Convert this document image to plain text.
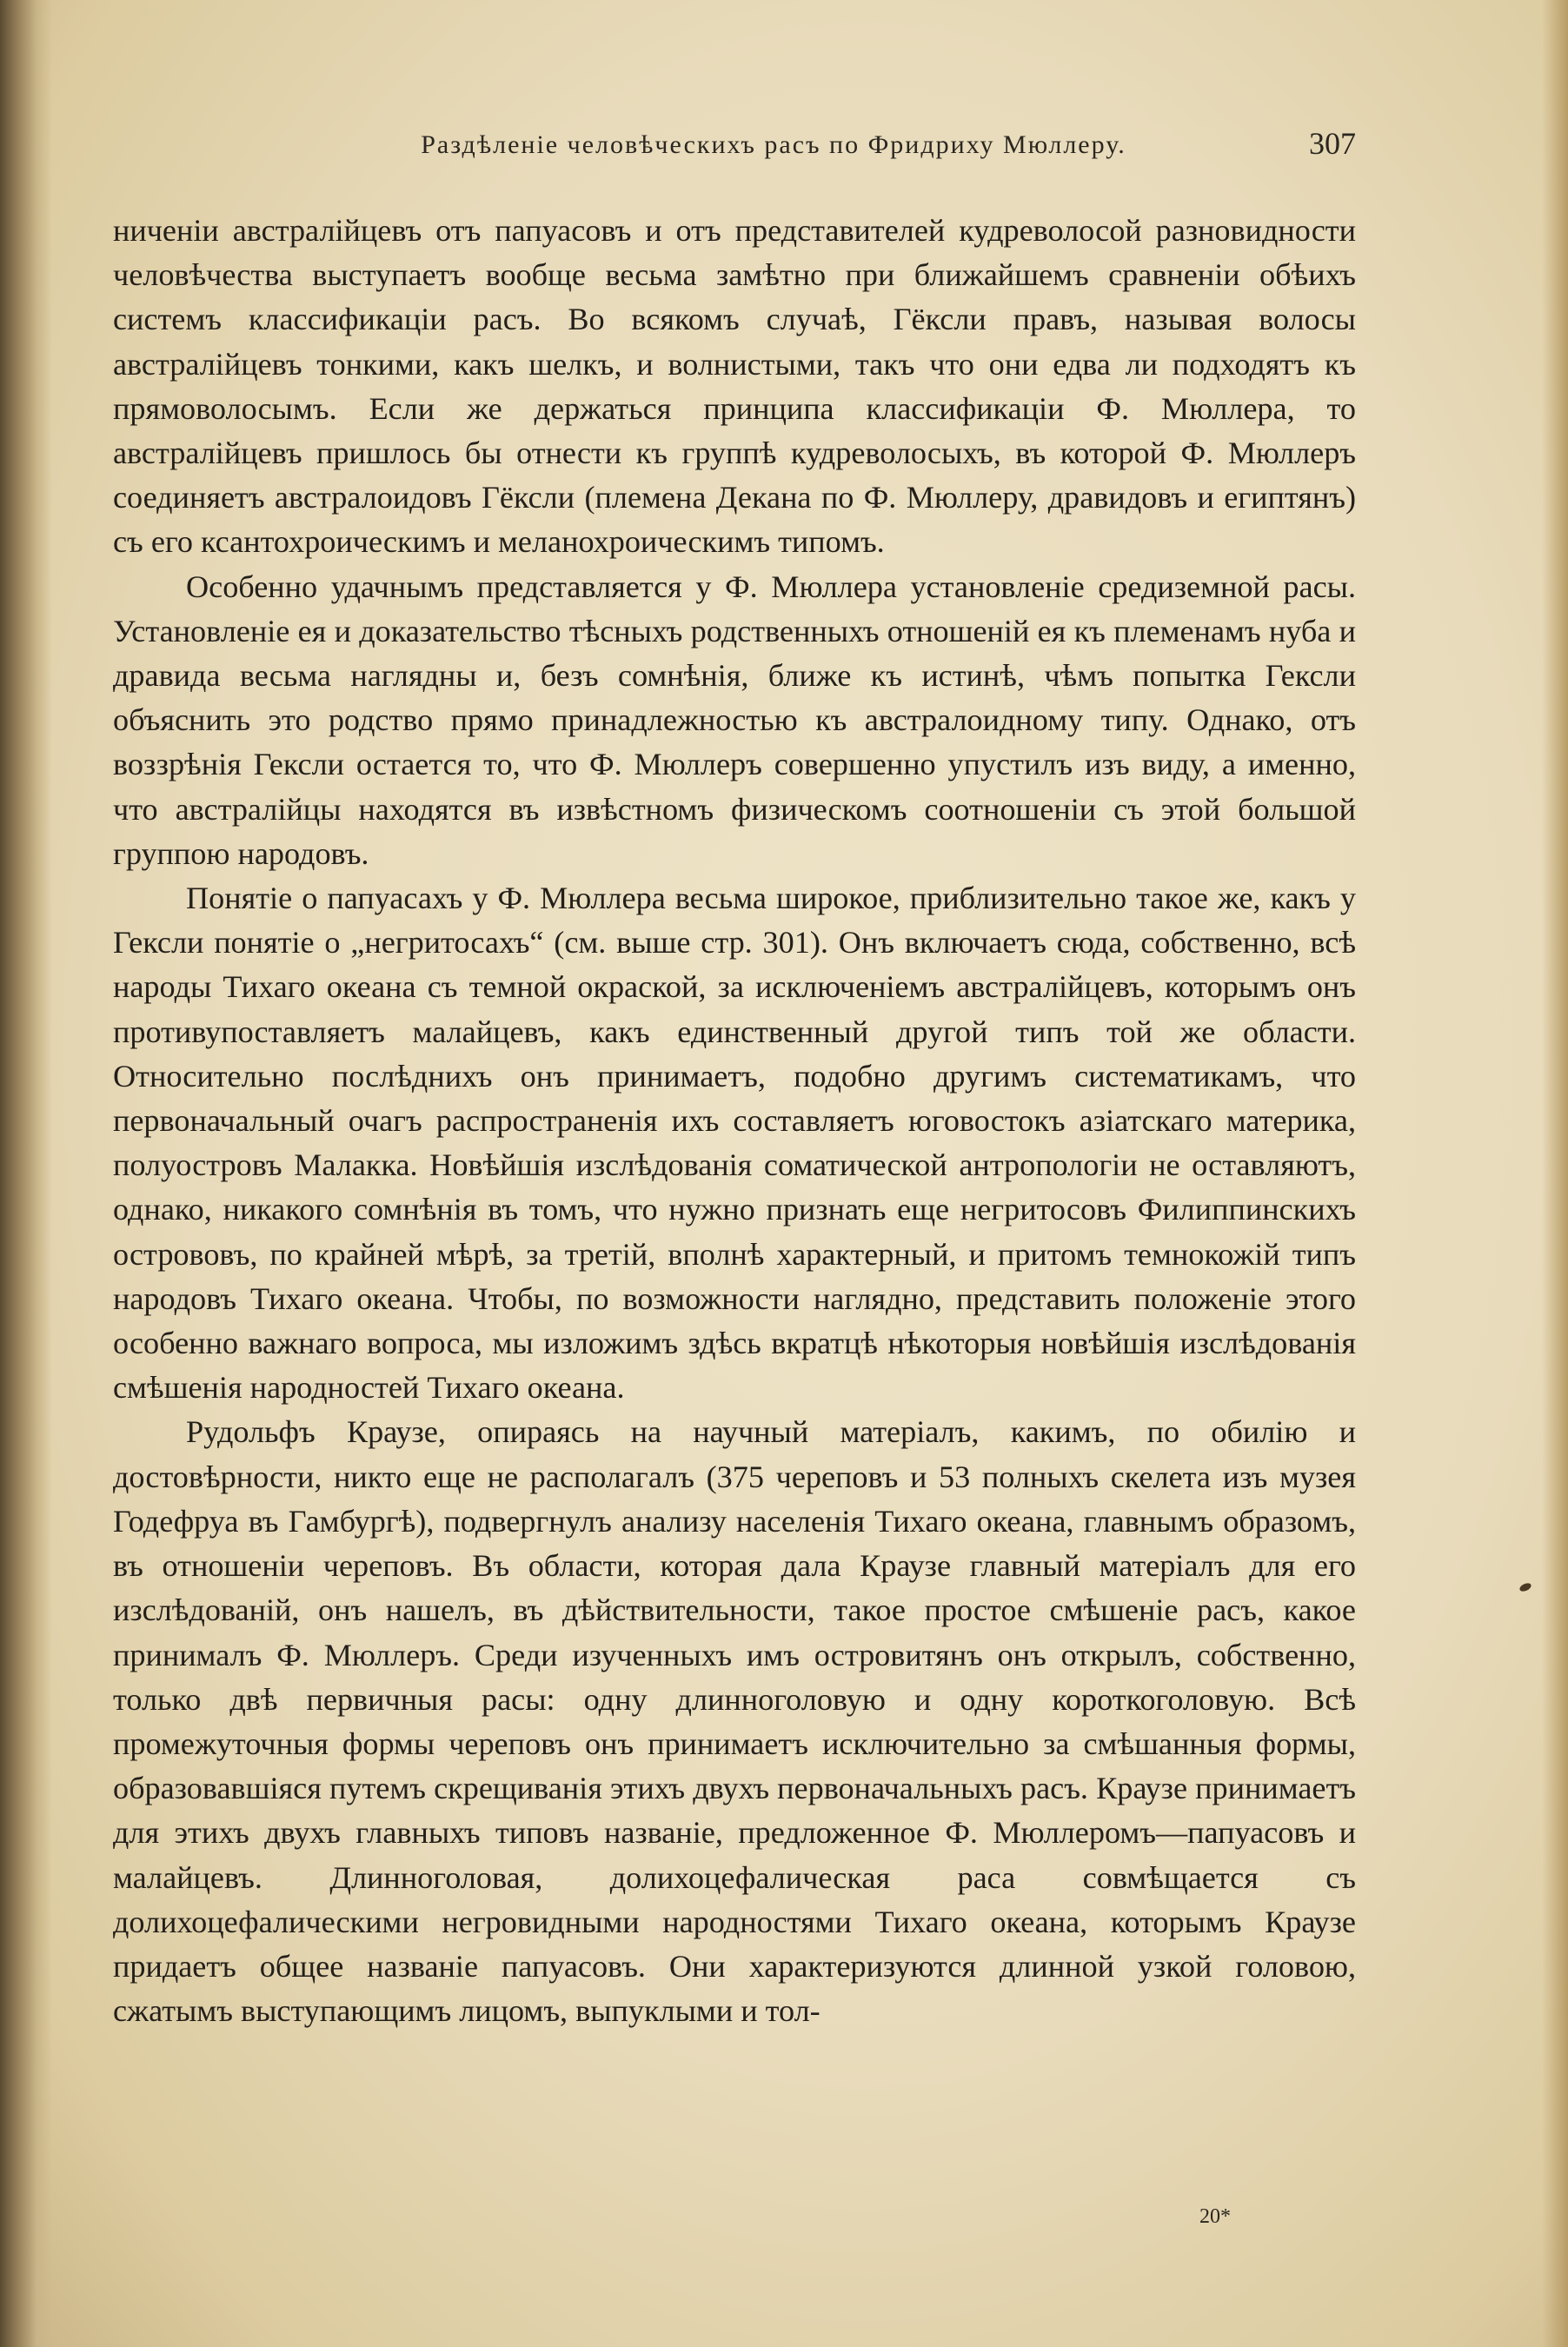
Раздѣленіе человѣческихъ расъ по Фридриху Мюллеру.	307

ниченіи австралійцевъ отъ папуасовъ и отъ представителей кудреволосой разновидности человѣчества выступаетъ вообще весьма замѣтно при ближайшемъ сравненіи обѣихъ системъ классификаціи расъ. Во всякомъ случаѣ, Гёксли правъ, называя волосы австралійцевъ тонкими, какъ шелкъ, и волнистыми, такъ что они едва ли подходятъ къ прямоволосымъ. Если же держаться принципа классификаціи Ф. Мюллера, то австралійцевъ пришлось бы отнести къ группѣ кудреволосыхъ, въ которой Ф. Мюллеръ соединяетъ австралоидовъ Гёксли (племена Декана по Ф. Мюллеру, дравидовъ и египтянъ) съ его ксантохроическимъ и меланохроическимъ типомъ.

Особенно удачнымъ представляется у Ф. Мюллера установленіе средиземной расы. Установленіе ея и доказательство тѣсныхъ родственныхъ отношеній ея къ племенамъ нуба и дравида весьма наглядны и, безъ сомнѣнія, ближе къ истинѣ, чѣмъ попытка Гексли объяснить это родство прямо принадлежностью къ австралоидному типу. Однако, отъ воззрѣнія Гексли остается то, что Ф. Мюллеръ совершенно упустилъ изъ виду, а именно, что австралійцы находятся въ извѣстномъ физическомъ соотношеніи съ этой большой группою народовъ.

Понятіе о папуасахъ у Ф. Мюллера весьма широкое, приблизительно такое же, какъ у Гексли понятіе о „негритосахъ“ (см. выше стр. 301). Онъ включаетъ сюда, собственно, всѣ народы Тихаго океана съ темной окраской, за исключеніемъ австралійцевъ, которымъ онъ противупоставляетъ малайцевъ, какъ единственный другой типъ той же области. Относительно послѣднихъ онъ принимаетъ, подобно другимъ систематикамъ, что первоначальный очагъ распространенія ихъ составляетъ юговостокъ азіатскаго материка, полуостровъ Малакка. Новѣйшія изслѣдованія соматической антропологіи не оставляютъ, однако, никакого сомнѣнія въ томъ, что нужно признать еще негритосовъ Филиппинскихъ острововъ, по крайней мѣрѣ, за третій, вполнѣ характерный, и притомъ темнокожій типъ народовъ Тихаго океана. Чтобы, по возможности наглядно, представить положеніе этого особенно важнаго вопроса, мы изложимъ здѣсь вкратцѣ нѣкоторыя новѣйшія изслѣдованія смѣшенія народностей Тихаго океана.

Рудольфъ Краузе, опираясь на научный матеріалъ, какимъ, по обилію и достовѣрности, никто еще не располагалъ (375 череповъ и 53 полныхъ скелета изъ музея Годефруа въ Гамбургѣ), подвергнулъ анализу населенія Тихаго океана, главнымъ образомъ, въ отношеніи череповъ. Въ области, которая дала Краузе главный матеріалъ для его изслѣдованій, онъ нашелъ, въ дѣйствительности, такое простое смѣшеніе расъ, какое принималъ Ф. Мюллеръ. Среди изученныхъ имъ островитянъ онъ открылъ, собственно, только двѣ первичныя расы: одну длинноголовую и одну короткоголовую. Всѣ промежуточныя формы череповъ онъ принимаетъ исключительно за смѣшанныя формы, образовавшіяся путемъ скрещиванія этихъ двухъ первоначальныхъ расъ. Краузе принимаетъ для этихъ двухъ главныхъ типовъ названіе, предложенное Ф. Мюллеромъ—папуасовъ и малайцевъ. Длинноголовая, долихоцефалическая раса совмѣщается съ долихоцефалическими негровидными народностями Тихаго океана, которымъ Краузе придаетъ общее названіе папуасовъ. Они характеризуются длинной узкой головою, сжатымъ выступающимъ лицомъ, выпуклыми и тол-

20*
